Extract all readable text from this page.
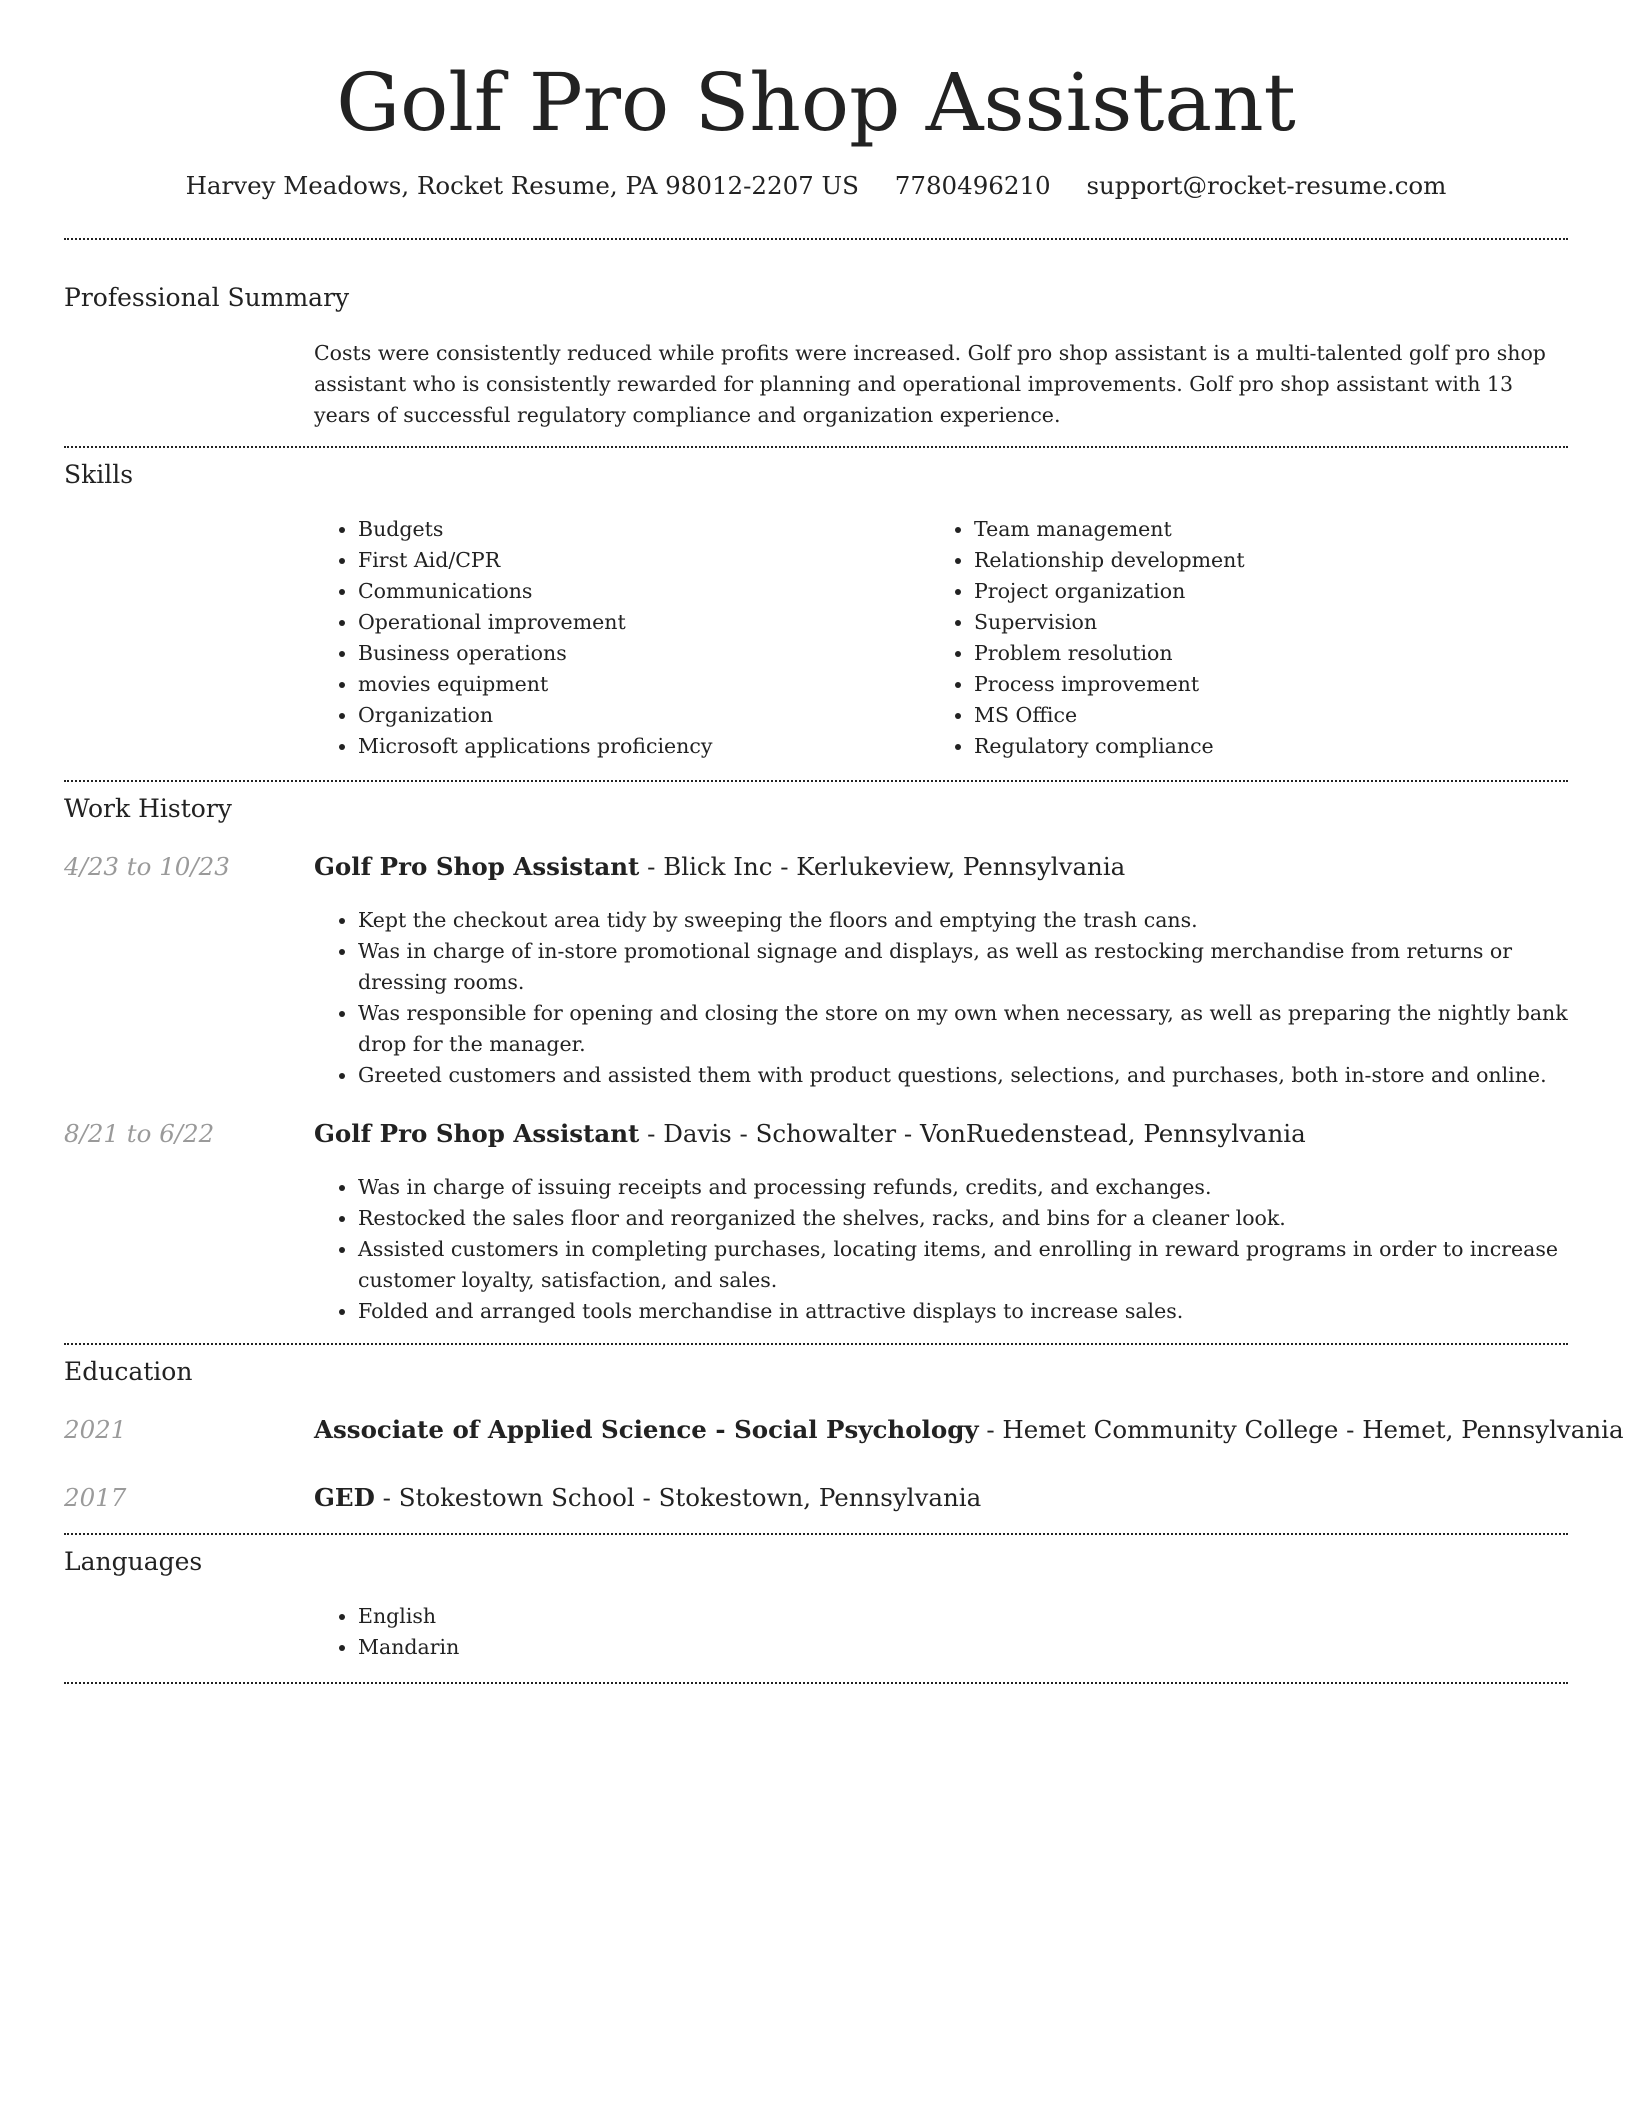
Golf Pro Shop Assistant
Harvey Meadows, Rocket Resume, PA 98012-2207 US 7780496210 support@rocket-resume.com
Professional Summary
Costs were consistently reduced while profits were increased. Golf pro shop assistant is a multi-talented golf pro shop assistant who is consistently rewarded for planning and operational improvements. Golf pro shop assistant with 13 years of successful regulatory compliance and organization experience.
Skills
• Budgets
• First Aid/CPR
• Communications
• Operational improvement
• Business operations
• movies equipment
• Organization
• Microsoft applications proficiency
• Team management
• Relationship development
• Project organization
• Supervision
• Problem resolution
• Process improvement
• MS Office
• Regulatory compliance
Work History
4/23 to 10/23	Golf Pro Shop Assistant - Blick Inc - Kerlukeview, Pennsylvania
• Kept the checkout area tidy by sweeping the floors and emptying the trash cans.
• Was in charge of in-store promotional signage and displays, as well as restocking merchandise from returns or dressing rooms.
• Was responsible for opening and closing the store on my own when necessary, as well as preparing the nightly bank drop for the manager.
• Greeted customers and assisted them with product questions, selections, and purchases, both in-store and online.
8/21 to 6/22	Golf Pro Shop Assistant - Davis - Schowalter - VonRuedenstead, Pennsylvania
• Was in charge of issuing receipts and processing refunds, credits, and exchanges.
• Restocked the sales floor and reorganized the shelves, racks, and bins for a cleaner look.
• Assisted customers in completing purchases, locating items, and enrolling in reward programs in order to increase customer loyalty, satisfaction, and sales.
• Folded and arranged tools merchandise in attractive displays to increase sales.
Education
2021	Associate of Applied Science - Social Psychology - Hemet Community College - Hemet, Pennsylvania
2017	GED - Stokestown School - Stokestown, Pennsylvania
Languages
• English
• Mandarin
